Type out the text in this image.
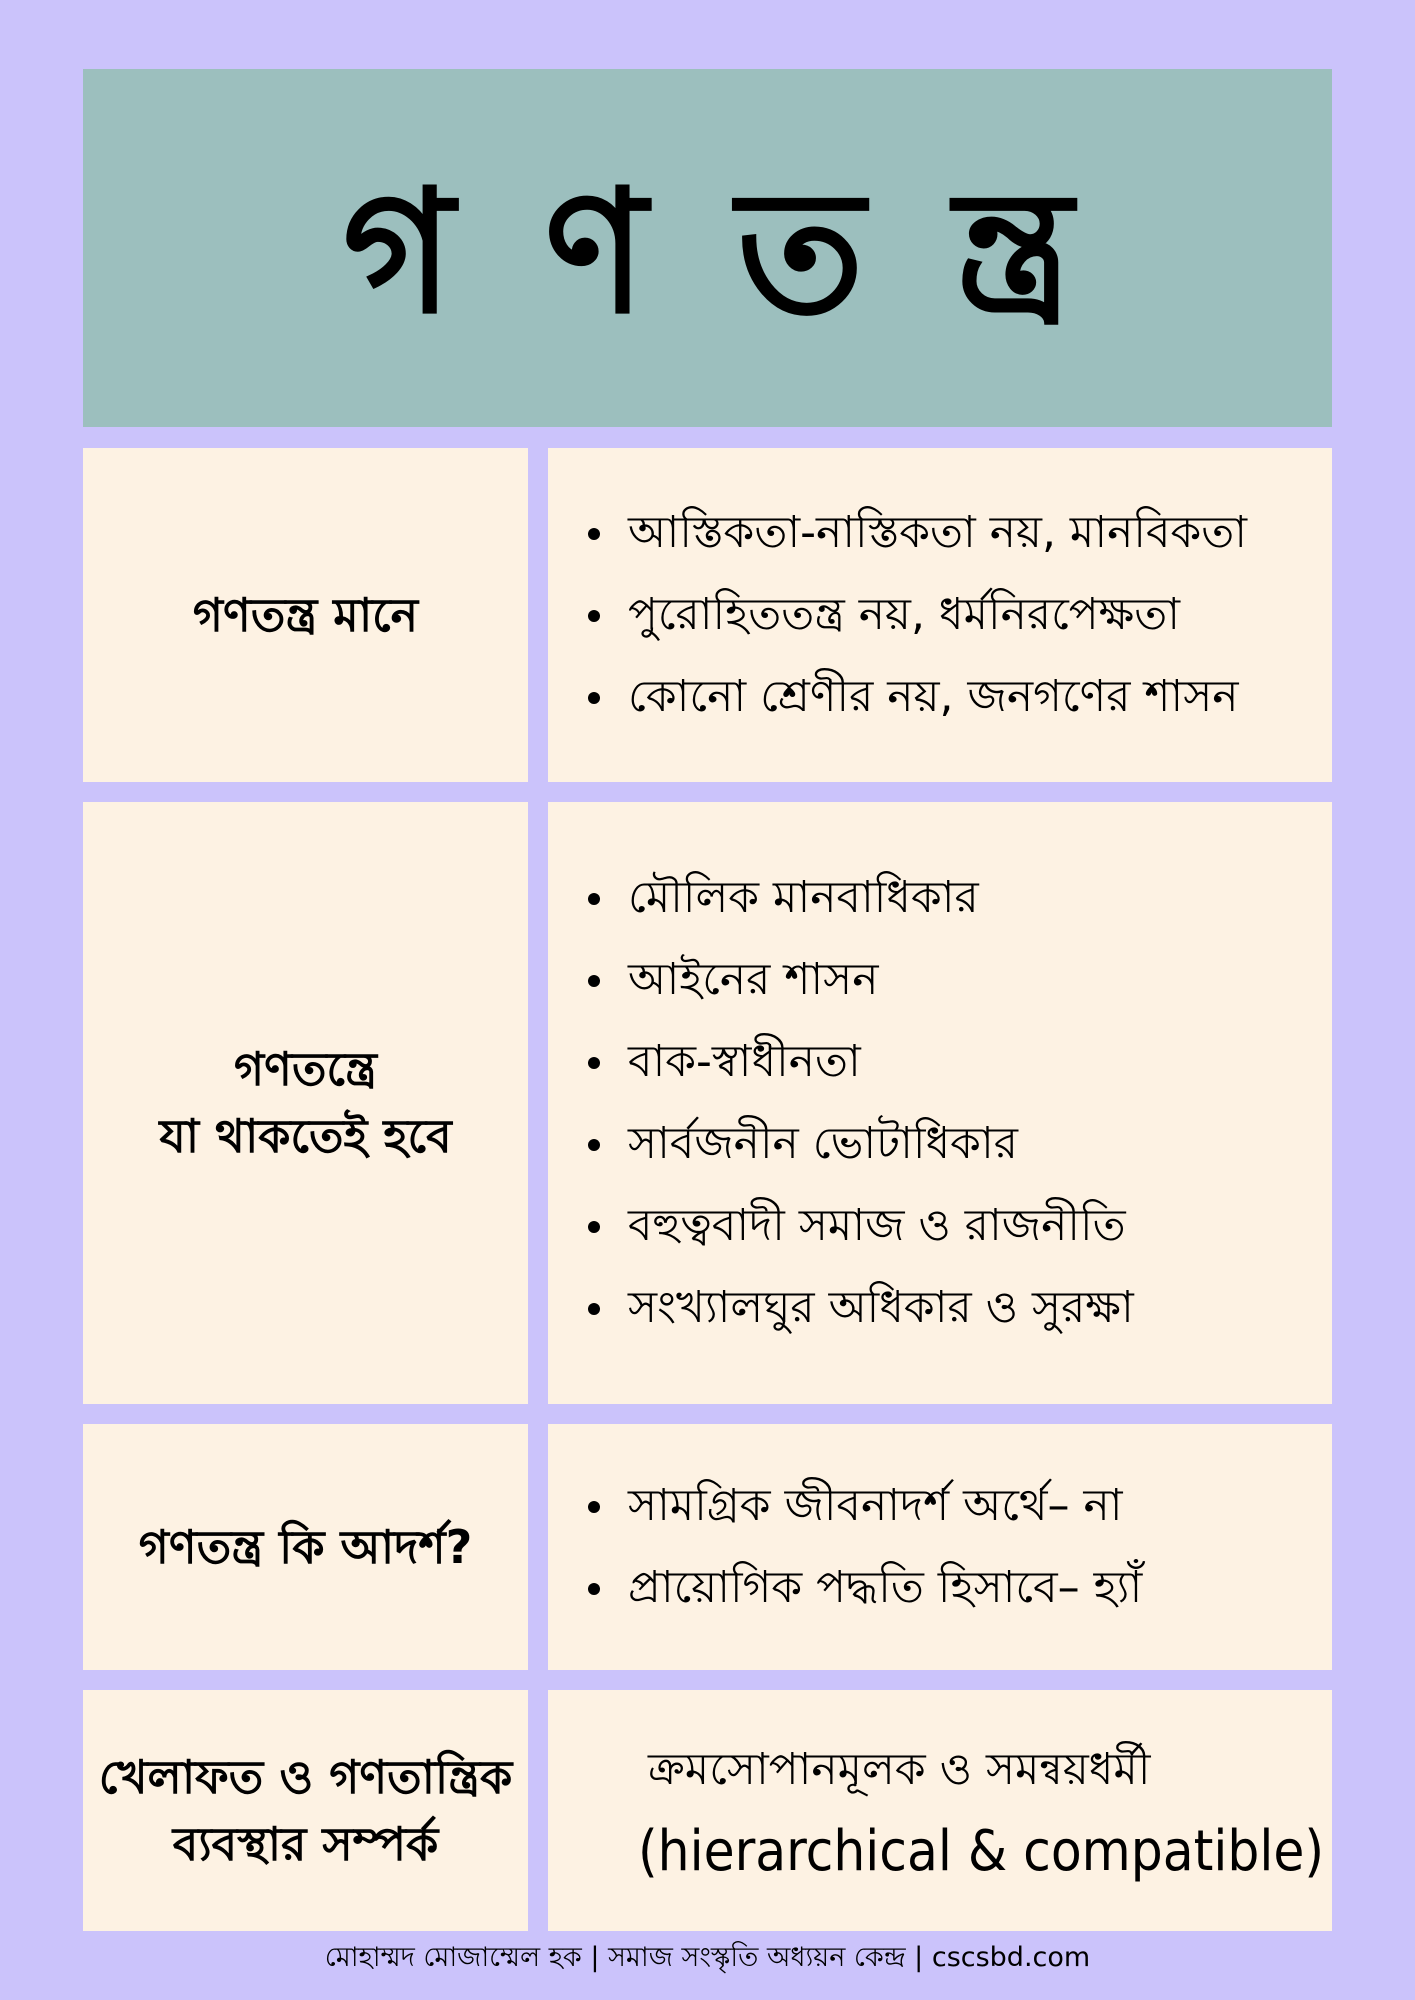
গ ণ ত ন্ত্র
গণতন্ত্র মানে
আস্তিকতা-নাস্তিকতা নয়, মানবিকতা
পুরোহিততন্ত্র নয়, ধর্মনিরপেক্ষতা
কোনো শ্রেণীর নয়, জনগণের শাসন
গণতন্ত্রে
যা থাকতেই হবে
মৌলিক মানবাধিকার
আইনের শাসন
বাক-স্বাধীনতা
সার্বজনীন ভোটাধিকার
বহুত্ববাদী সমাজ ও রাজনীতি
সংখ্যালঘুর অধিকার ও সুরক্ষা
গণতন্ত্র কি আদর্শ?
সামগ্রিক জীবনাদর্শ অর্থে– না
প্রায়োগিক পদ্ধতি হিসাবে– হ্যাঁ
খেলাফত ও গণতান্ত্রিক
ব্যবস্থার সম্পর্ক
ক্রমসোপানমূলক ও সমন্বয়ধর্মী
(hierarchical & compatible)
মোহাম্মদ মোজাম্মেল হক | সমাজ সংস্কৃতি অধ্যয়ন কেন্দ্র | cscsbd.com
